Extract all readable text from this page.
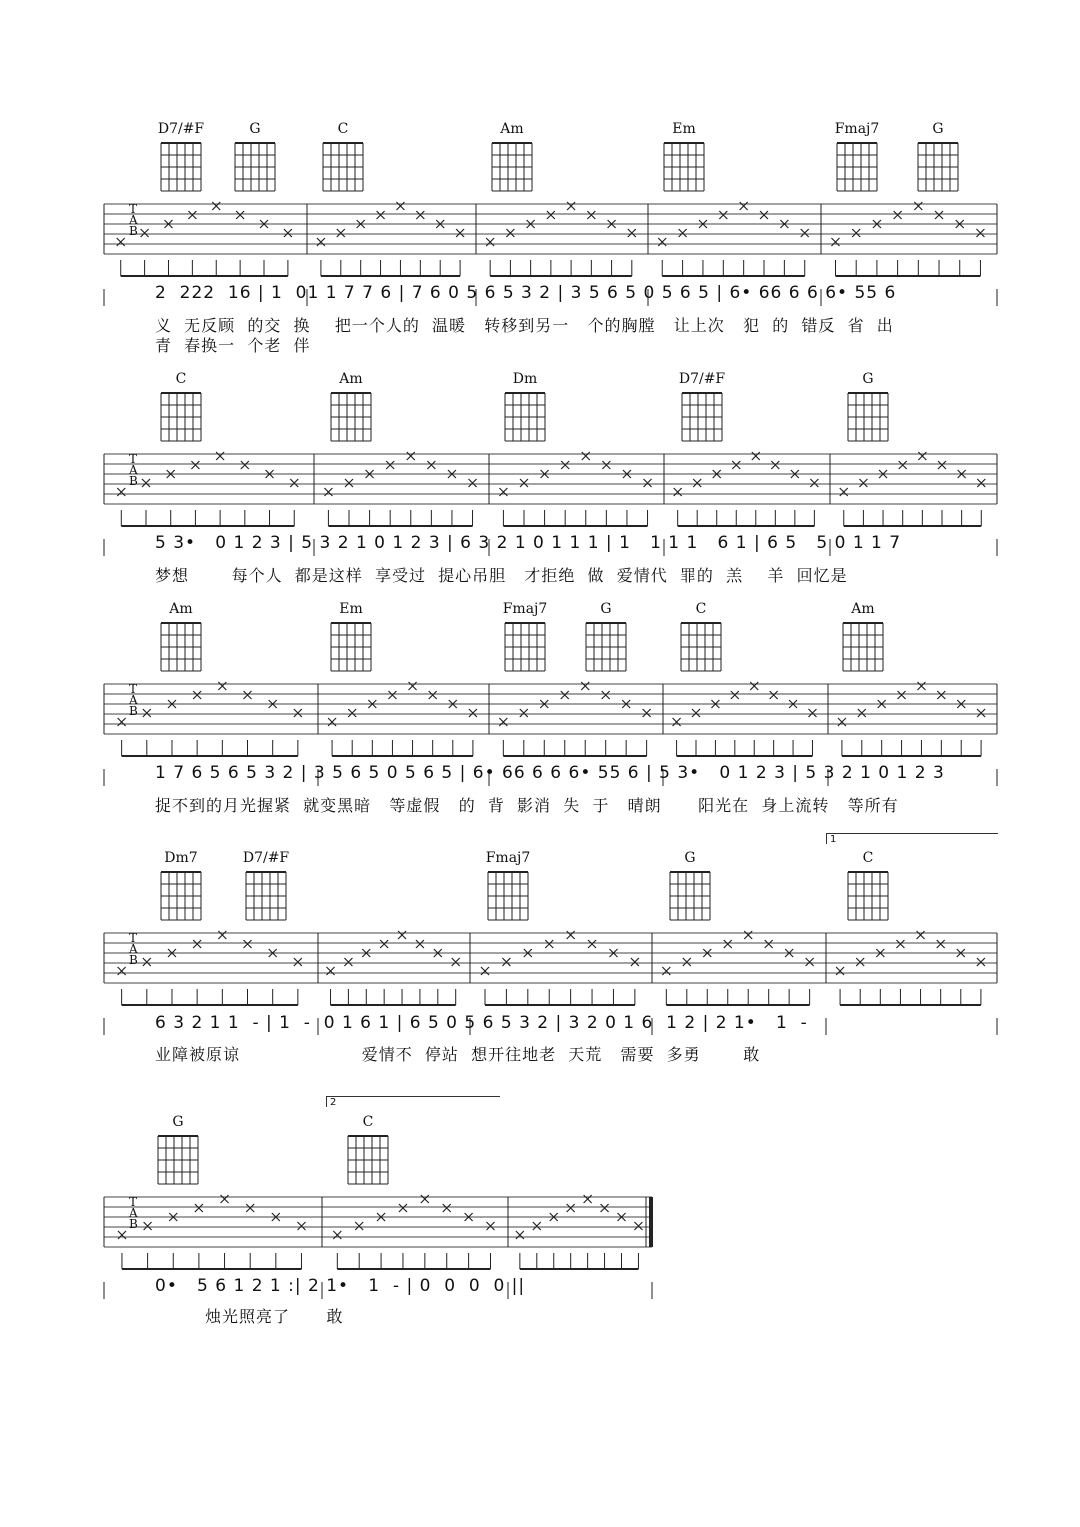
D7/#F	G	C	Am	Em	Fmaj7	G
T
A
B
2  222  16 | 1  01 1 7 7 6 | 7 6 0 5 6 5 3 2 | 3 5 6 5 0 5 6 5 | 6• 66 6 6 6• 55 6
义  无反顾  的交  换    把一个人的  温暖   转移到另一   个的胸膛   让上次   犯  的  错反  省  出
青  春换一  个老  伴
C	Am	Dm	D7/#F	G
T
A
B
5 3•   0 1 2 3 | 5 3 2 1 0 1 2 3 | 6 3 2 1 0 1 1 1 | 1   1 1 1   6 1 | 6 5   5 0 1 1 7
梦想       每个人  都是这样  享受过  提心吊胆   才拒绝  做  爱情代  罪的  羔    羊  回忆是
Am	Em	Fmaj7	G	C	Am
T
A
B
1 7 6 5 6 5 3 2 | 3 5 6 5 0 5 6 5 | 6• 66 6 6 6• 55 6 | 5 3•   0 1 2 3 | 5 3 2 1 0 1 2 3
捉不到的月光握紧  就变黑暗   等虚假   的  背  影消  失  于   晴朗      阳光在  身上流转   等所有
1
Dm7	D7/#F	Fmaj7	G	C
T
A
B
6 3 2 1 1  - | 1  -  0 1 6 1 | 6 5 0 5 6 5 3 2 | 3 2 0 1 6  1 2 | 2 1•   1  -
业障被原谅                    爱情不  停站  想开往地老  天荒   需要  多勇       敢
2
G	C
T
A
B
0•   5 6 1 2 1 :| 2 1•   1  - | 0  0  0  0 ||
烛光照亮了      敢
